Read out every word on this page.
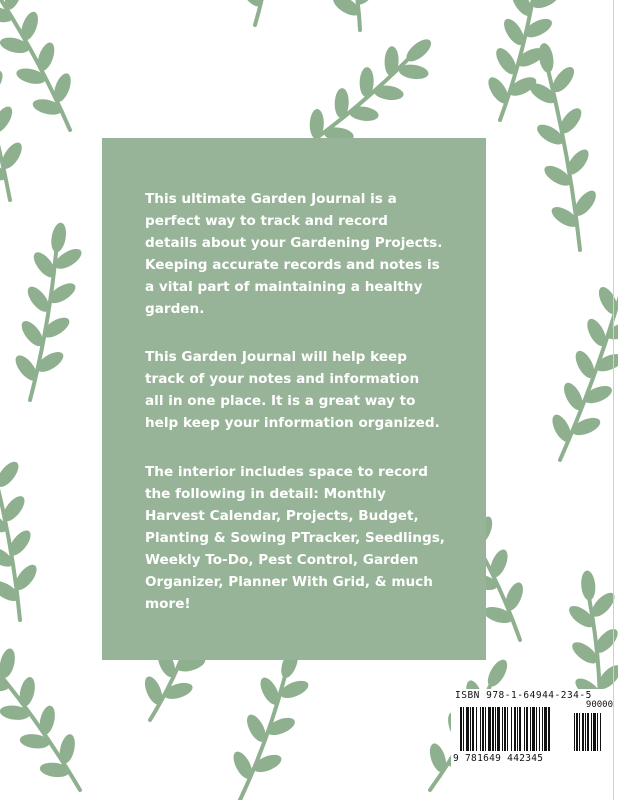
This ultimate Garden Journal is a
perfect way to track and record
details about your Gardening Projects.
Keeping accurate records and notes is
a vital part of maintaining a healthy
garden.

This Garden Journal will help keep
track of your notes and information
all in one place. It is a great way to
help keep your information organized.

The interior includes space to record
the following in detail: Monthly
Harvest Calendar, Projects, Budget,
Planting & Sowing PTracker, Seedlings,
Weekly To-Do, Pest Control, Garden
Organizer, Planner With Grid, & much
more!

ISBN 978-1-64944-234-5

90000

9 781649 442345
